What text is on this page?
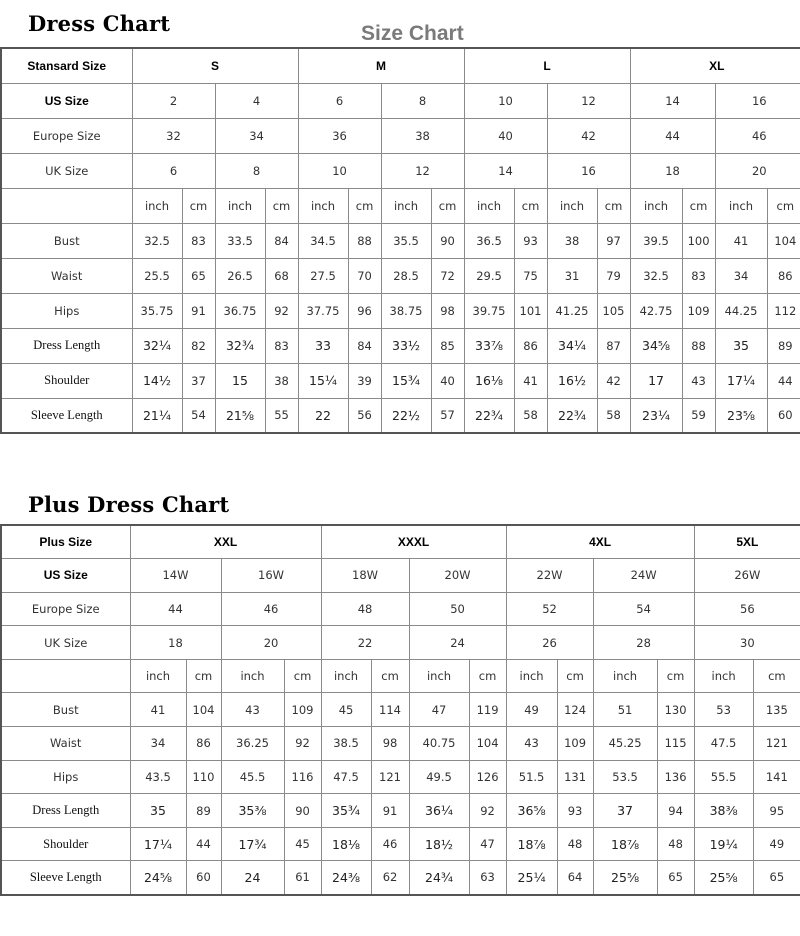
Dress Chart	Size Chart
Stansard Size	S				M				L				XL			
US Size	2		4		6		8		10		12		14		16	
Europe Size	32		34		36		38		40		42		44		46	
UK Size	6		8		10		12		14		16		18		20	
	inch	cm	inch	cm	inch	cm	inch	cm	inch	cm	inch	cm	inch	cm	inch	cm
Bust	32.5	83	33.5	84	34.5	88	35.5	90	36.5	93	38	97	39.5	100	41	104
Waist	25.5	65	26.5	68	27.5	70	28.5	72	29.5	75	31	79	32.5	83	34	86
Hips	35.75	91	36.75	92	37.75	96	38.75	98	39.75	101	41.25	105	42.75	109	44.25	112
Dress Length	32¼	82	32¾	83	33	84	33½	85	33⅞	86	34¼	87	34⅝	88	35	89
Shoulder	14½	37	15	38	15¼	39	15¾	40	16⅛	41	16½	42	17	43	17¼	44
Sleeve Length	21¼	54	21⅝	55	22	56	22½	57	22¾	58	22¾	58	23¼	59	23⅝	60
Plus Dress Chart
Plus Size	XXL				XXXL				4XL				5XL	
US Size	14W		16W		18W		20W		22W		24W		26W	
Europe Size	44		46		48		50		52		54		56	
UK Size	18		20		22		24		26		28		30	
	inch	cm	inch	cm	inch	cm	inch	cm	inch	cm	inch	cm	inch	cm
Bust	41	104	43	109	45	114	47	119	49	124	51	130	53	135
Waist	34	86	36.25	92	38.5	98	40.75	104	43	109	45.25	115	47.5	121
Hips	43.5	110	45.5	116	47.5	121	49.5	126	51.5	131	53.5	136	55.5	141
Dress Length	35	89	35⅜	90	35¾	91	36¼	92	36⅝	93	37	94	38⅜	95
Shoulder	17¼	44	17¾	45	18⅛	46	18½	47	18⅞	48	18⅞	48	19¼	49
Sleeve Length	24⅝	60	24	61	24⅜	62	24¾	63	25¼	64	25⅝	65	25⅝	65
